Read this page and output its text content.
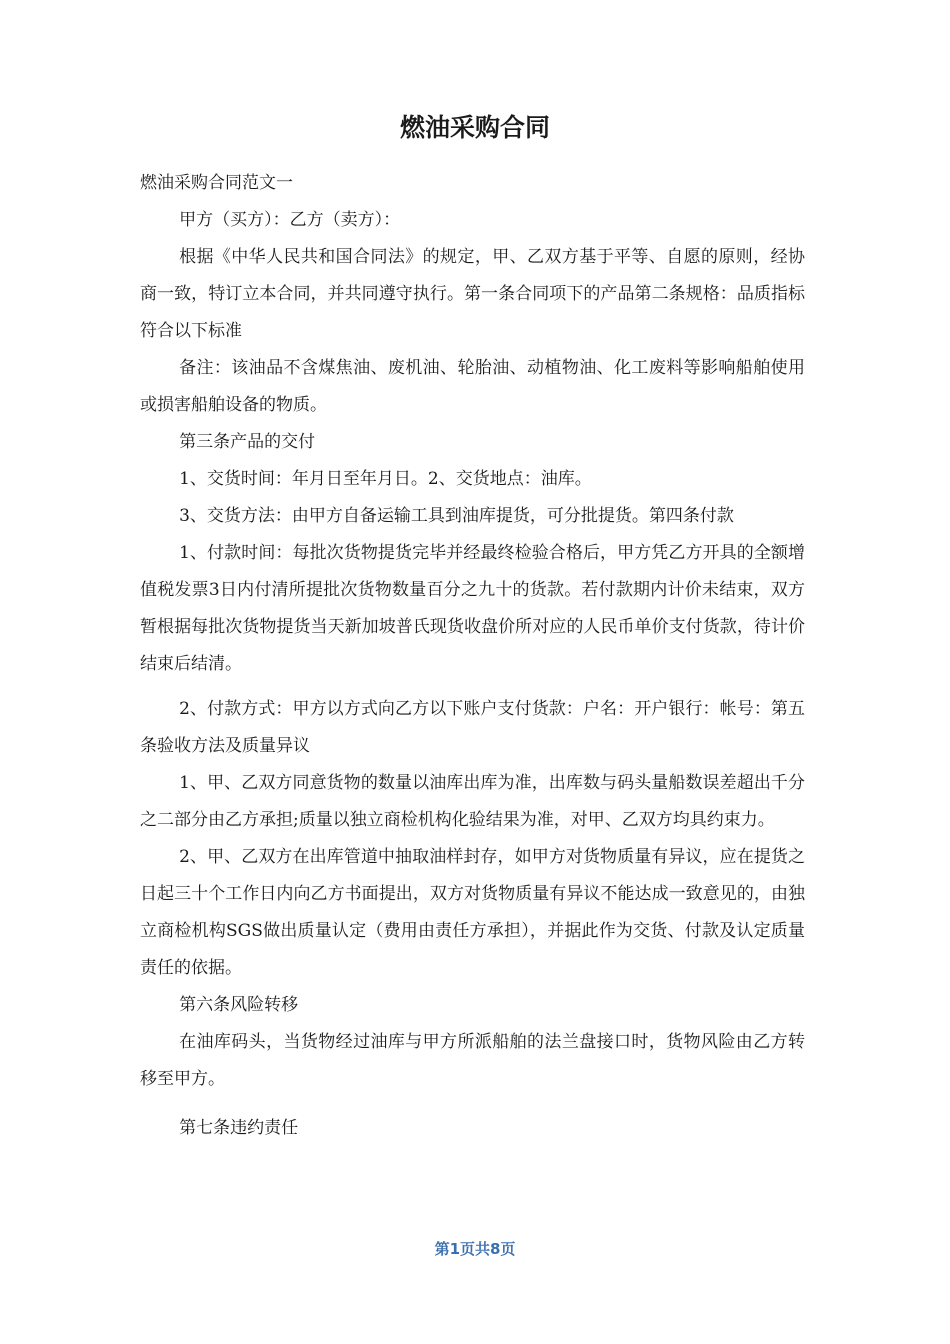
燃油采购合同

燃油采购合同范文一

甲方（买方）：乙方（卖方）：

根据《中华人民共和国合同法》的规定，甲、乙双方基于平等、自愿的原则，经协商一致，特订立本合同，并共同遵守执行。第一条合同项下的产品第二条规格：品质指标符合以下标准

备注：该油品不含煤焦油、废机油、轮胎油、动植物油、化工废料等影响船舶使用或损害船舶设备的物质。

第三条产品的交付

1、交货时间：年月日至年月日。2、交货地点：油库。

3、交货方法：由甲方自备运输工具到油库提货，可分批提货。第四条付款

1、付款时间：每批次货物提货完毕并经最终检验合格后，甲方凭乙方开具的全额增值税发票3日内付清所提批次货物数量百分之九十的货款。若付款期内计价未结束，双方暂根据每批次货物提货当天新加坡普氏现货收盘价所对应的人民币单价支付货款，待计价结束后结清。

2、付款方式：甲方以方式向乙方以下账户支付货款：户名：开户银行：帐号：第五条验收方法及质量异议

1、甲、乙双方同意货物的数量以油库出库为准，出库数与码头量船数误差超出千分之二部分由乙方承担;质量以独立商检机构化验结果为准，对甲、乙双方均具约束力。

2、甲、乙双方在出库管道中抽取油样封存，如甲方对货物质量有异议，应在提货之日起三十个工作日内向乙方书面提出，双方对货物质量有异议不能达成一致意见的，由独立商检机构SGS做出质量认定（费用由责任方承担），并据此作为交货、付款及认定质量责任的依据。

第六条风险转移

在油库码头，当货物经过油库与甲方所派船舶的法兰盘接口时，货物风险由乙方转移至甲方。

第七条违约责任

第1页共8页
